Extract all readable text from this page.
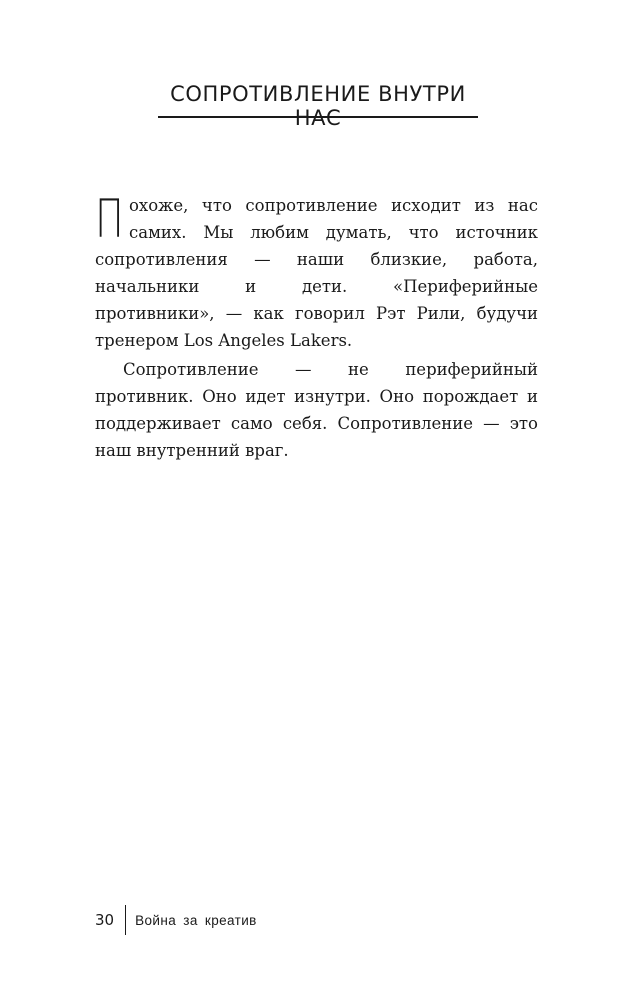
СОПРОТИВЛЕНИЕ ВНУТРИ НАС

Похоже, что сопротивление исходит из нас самих. Мы любим думать, что источник сопротивления — наши близкие, работа, начальники и дети. «Периферийные противники», — как говорил Рэт Рили, будучи тренером Los Angeles Lakers.

Сопротивление — не периферийный противник. Оно идет изнутри. Оно порождает и поддерживает само себя. Сопротивление — это наш внутренний враг.

30 Война за креатив
